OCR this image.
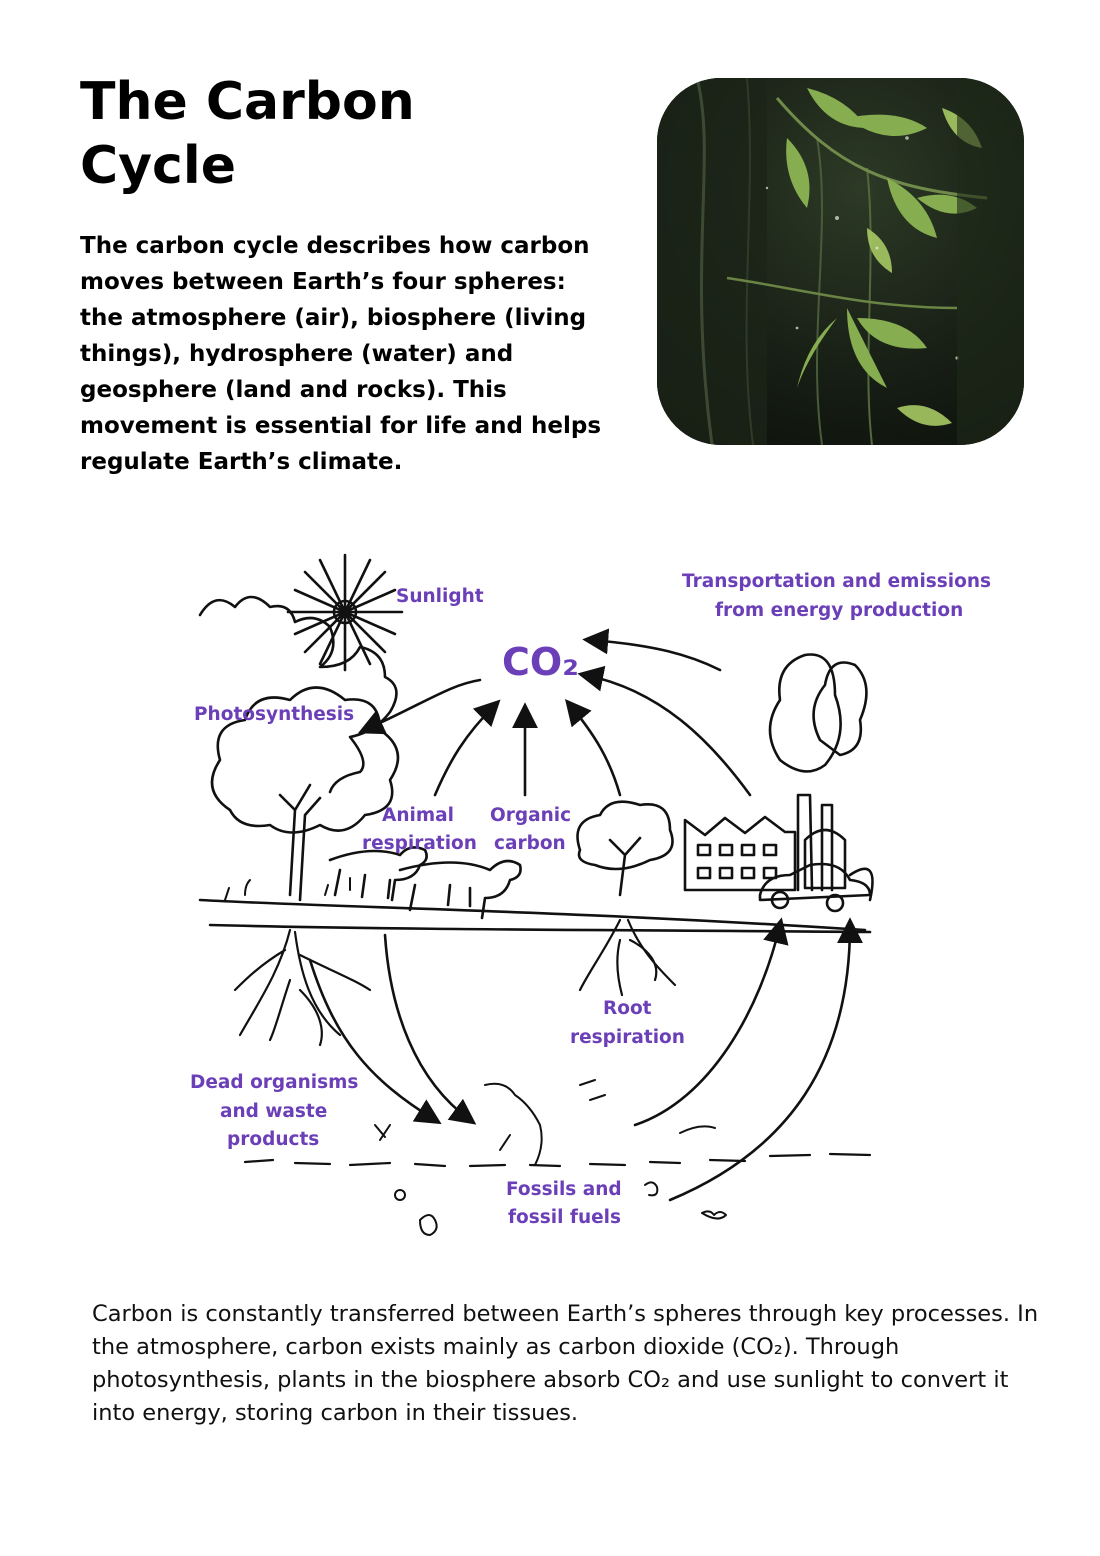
The Carbon Cycle

The carbon cycle describes how carbon moves between Earth’s four spheres: the atmosphere (air), biosphere (living things), hydrosphere (water) and geosphere (land and rocks). This movement is essential for life and helps regulate Earth’s climate.

Sunlight
Transportation and emissions
from energy production
CO₂
Photosynthesis
Animal
respiration
Organic
carbon
Root
respiration
Dead organisms
and waste
products
Fossils and
fossil fuels

Carbon is constantly transferred between Earth’s spheres through key processes. In the atmosphere, carbon exists mainly as carbon dioxide (CO₂). Through photosynthesis, plants in the biosphere absorb CO₂ and use sunlight to convert it into energy, storing carbon in their tissues.
